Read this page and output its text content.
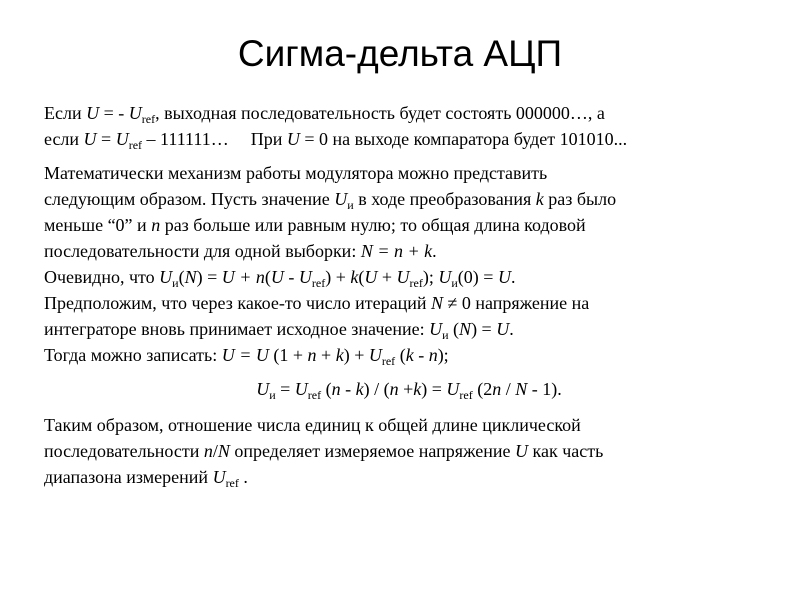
Сигма-дельта АЦП
Если U = - $U_{ref}$, выходная последовательность будет состоять 000000…, а
если $U = U_{ref}$ – 111111… При U = 0 на выходе компаратора будет 101010...
Математически механизм работы модулятора можно представить
следующим образом. Пусть значение $U_и$ в ходе преобразования k раз было
меньше “0” и n раз больше или равным нулю; то общая длина кодовой
последовательности для одной выборки: N = n + k.
Очевидно, что $U_и(N) = U + n(U - U_{ref}) + k(U + U_{ref})$; $U_и(0) = U$.
Предположим, что через какое-то число итераций N ≠ 0 напряжение на
интеграторе вновь принимает исходное значение: $U_и$ (N) = U.
Тогда можно записать: U = U $(1 + n + k) + U_{ref}$ (k - n);
$U_и = U_{ref}$ $(n - k) / (n +k) = U_{ref}$ (2n / N - 1).
Таким образом, отношение числа единиц к общей длине циклической
последовательности n/N определяет измеряемое напряжение U как часть
диапазона измерений $U_{ref}$ .
